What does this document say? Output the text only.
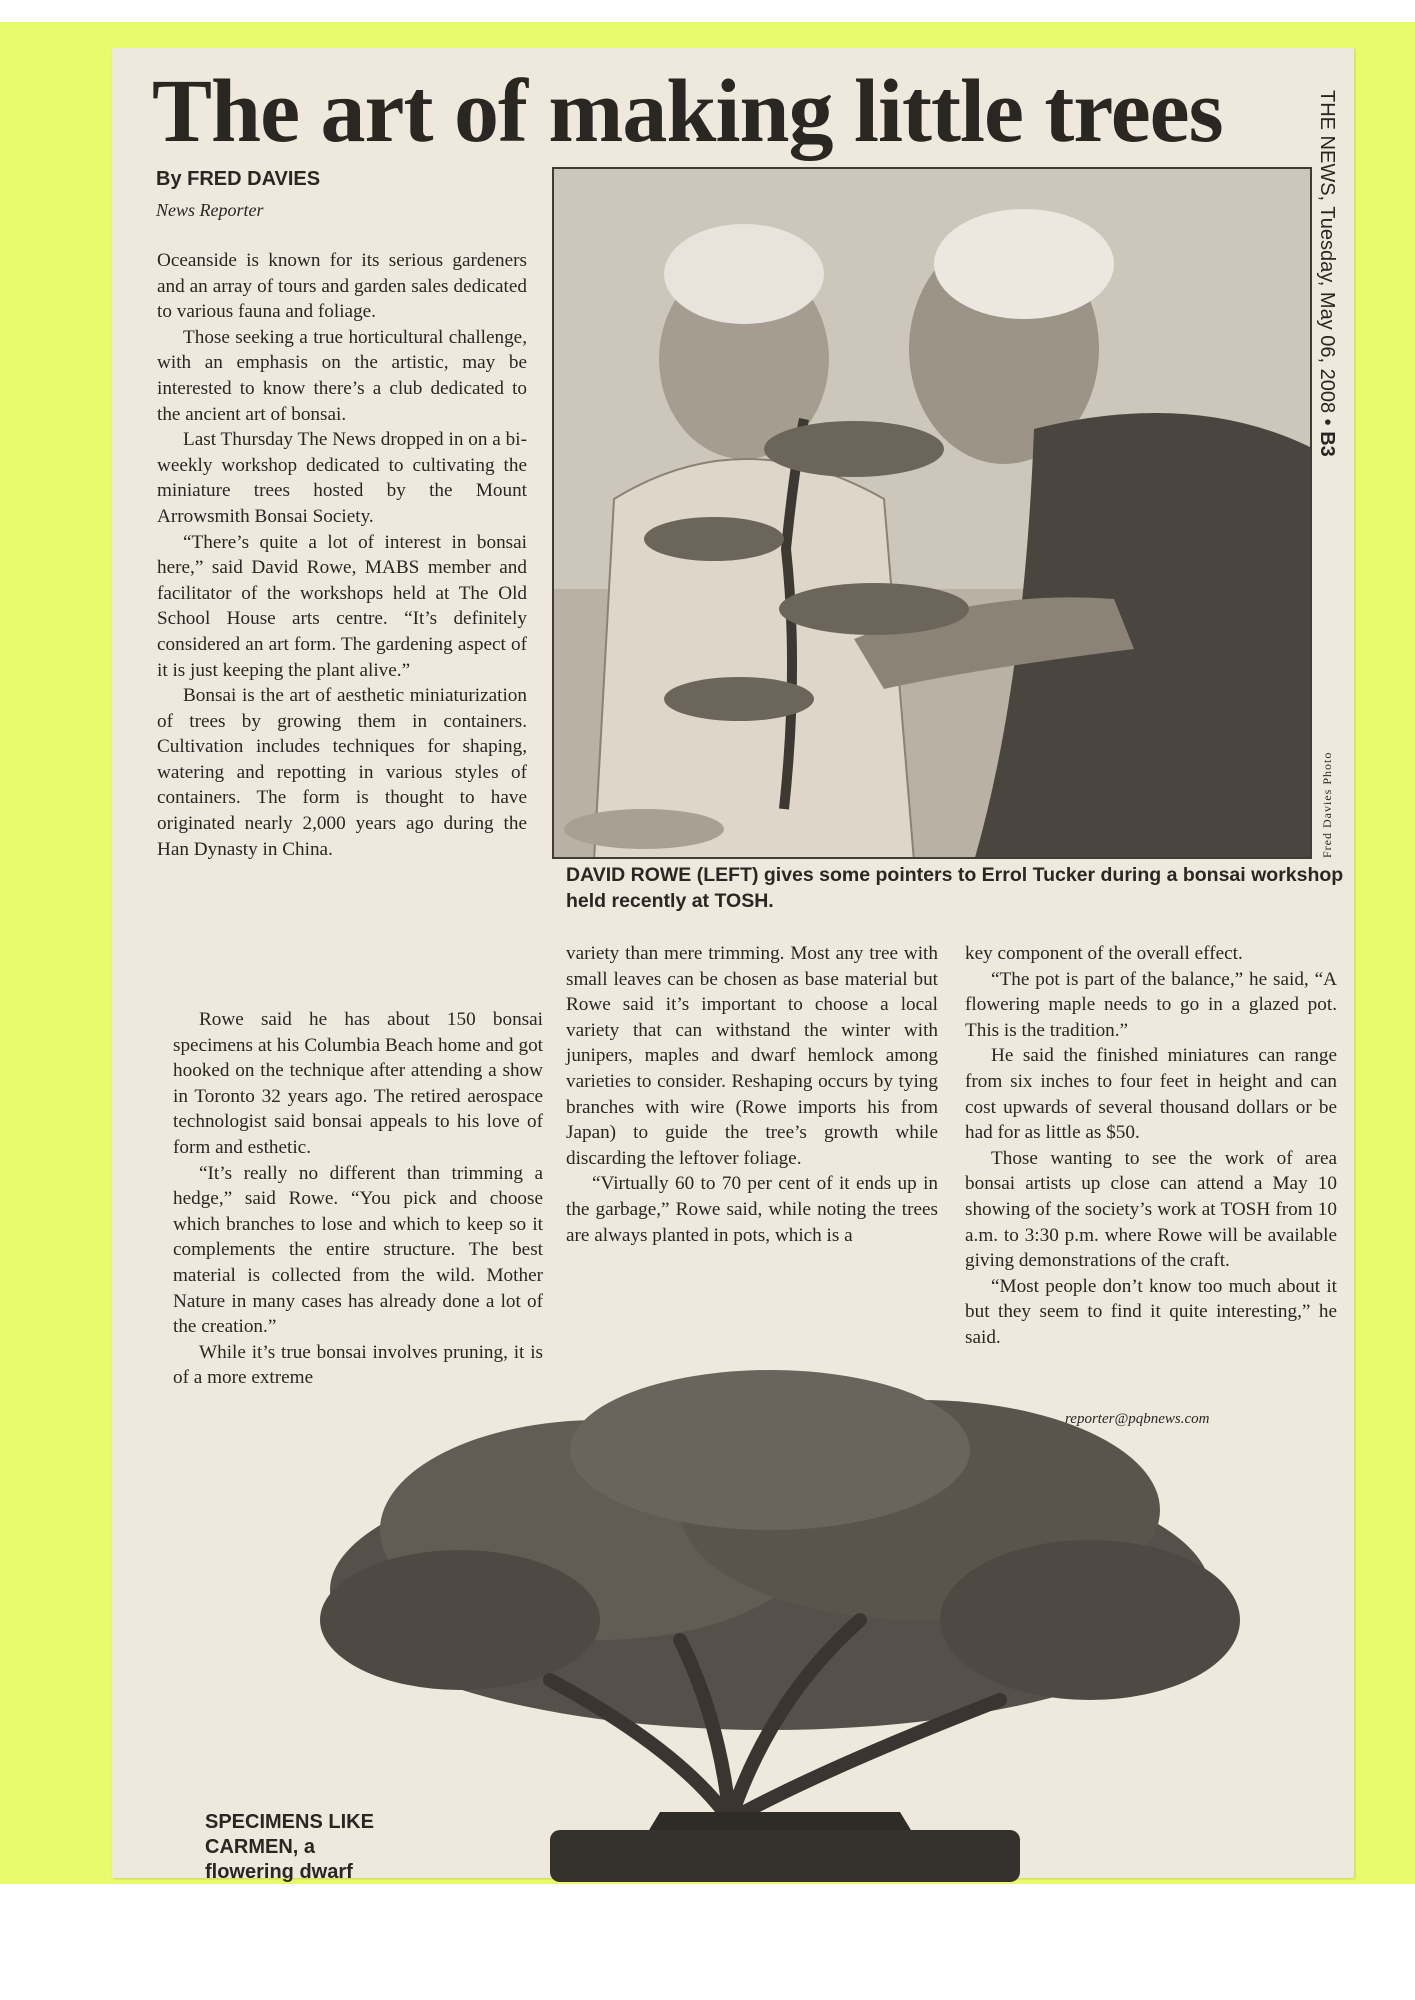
The art of making little trees
By FRED DAVIES
News Reporter

Oceanside is known for its serious gardeners and an array of tours and garden sales dedicated to various fauna and foliage.

Those seeking a true horticultural challenge, with an emphasis on the artistic, may be interested to know there’s a club dedicated to the ancient art of bonsai.

Last Thursday The News dropped in on a bi-weekly workshop dedicated to cultivating the miniature trees hosted by the Mount Arrowsmith Bonsai Society.

“There’s quite a lot of interest in bonsai here,” said David Rowe, MABS member and facilitator of the workshops held at The Old School House arts centre. “It’s definitely considered an art form. The gardening aspect of it is just keeping the plant alive.”

Bonsai is the art of aesthetic miniaturization of trees by growing them in containers. Cultivation includes techniques for shaping, watering and repotting in various styles of containers. The form is thought to have originated nearly 2,000 years ago during the Han Dynasty in China.

Rowe said he has about 150 bonsai specimens at his Columbia Beach home and got hooked on the technique after attending a show in Toronto 32 years ago. The retired aerospace technologist said bonsai appeals to his love of form and esthetic.

“It’s really no different than trimming a hedge,” said Rowe. “You pick and choose which branches to lose and which to keep so it complements the entire structure. The best material is collected from the wild. Mother Nature in many cases has already done a lot of the creation.”

While it’s true bonsai involves pruning, it is of a more extreme

variety than mere trimming. Most any tree with small leaves can be chosen as base material but Rowe said it’s important to choose a local variety that can withstand the winter with junipers, maples and dwarf hemlock among varieties to consider. Reshaping occurs by tying branches with wire (Rowe imports his from Japan) to guide the tree’s growth while discarding the leftover foliage.

“Virtually 60 to 70 per cent of it ends up in the garbage,” Rowe said, while noting the trees are always planted in pots, which is a

key component of the overall effect.

“The pot is part of the balance,” he said, “A flowering maple needs to go in a glazed pot. This is the tradition.”

He said the finished miniatures can range from six inches to four feet in height and can cost upwards of several thousand dollars or be had for as little as $50.

Those wanting to see the work of area bonsai artists up close can attend a May 10 showing of the society’s work at TOSH from 10 a.m. to 3:30 p.m. where Rowe will be available giving demonstrations of the craft.

“Most people don’t know too much about it but they seem to find it quite interesting,” he said.

reporter@pqbnews.com
Fred Davies Photo
DAVID ROWE (LEFT) gives some pointers to Errol Tucker during a bonsai workshop held recently at TOSH.
THE NEWS, Tuesday, May 06, 2008 • B3
SPECIMENS LIKE CARMEN, a flowering dwarf
